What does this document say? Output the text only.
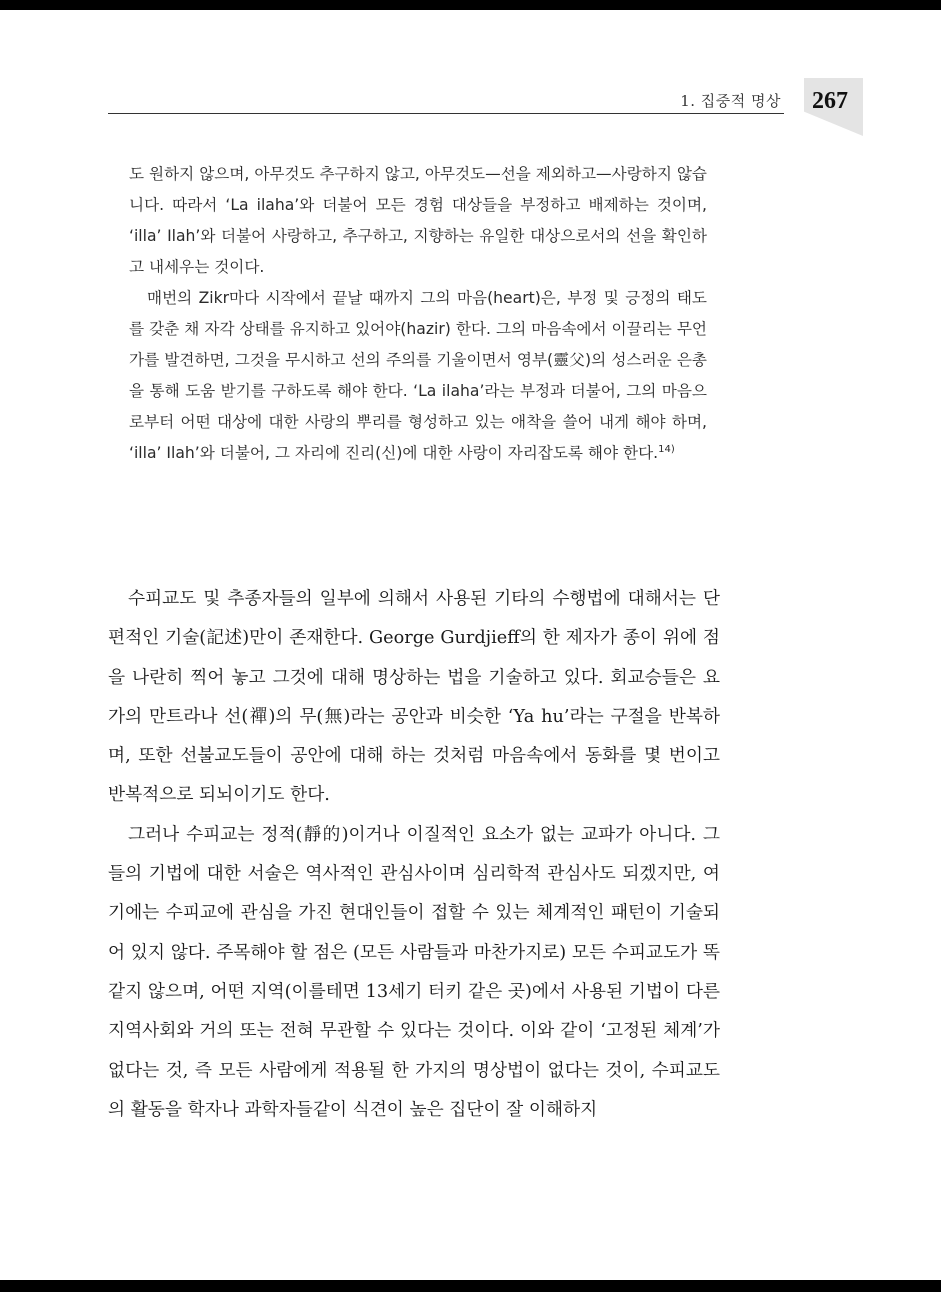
1. 집중적 명상 267

도 원하지 않으며, 아무것도 추구하지 않고, 아무것도—선을 제외하고—사랑하지 않습니다. 따라서 ‘La ilaha’와 더불어 모든 경험 대상들을 부정하고 배제하는 것이며, ‘illa’ Ilah’와 더불어 사랑하고, 추구하고, 지향하는 유일한 대상으로서의 선을 확인하고 내세우는 것이다.

매번의 Zikr마다 시작에서 끝날 때까지 그의 마음(heart)은, 부정 및 긍정의 태도를 갖춘 채 자각 상태를 유지하고 있어야(hazir) 한다. 그의 마음속에서 이끌리는 무언가를 발견하면, 그것을 무시하고 선의 주의를 기울이면서 영부(靈父)의 성스러운 은총을 통해 도움 받기를 구하도록 해야 한다. ‘La ilaha’라는 부정과 더불어, 그의 마음으로부터 어떤 대상에 대한 사랑의 뿌리를 형성하고 있는 애착을 쓸어 내게 해야 하며, ‘illa’ Ilah’와 더불어, 그 자리에 진리(신)에 대한 사랑이 자리잡도록 해야 한다.$^{14)}$

수피교도 및 추종자들의 일부에 의해서 사용된 기타의 수행법에 대해서는 단편적인 기술(記述)만이 존재한다. George Gurdjieff의 한 제자가 종이 위에 점을 나란히 찍어 놓고 그것에 대해 명상하는 법을 기술하고 있다. 회교승들은 요가의 만트라나 선(禪)의 무(無)라는 공안과 비슷한 ‘Ya hu’라는 구절을 반복하며, 또한 선불교도들이 공안에 대해 하는 것처럼 마음속에서 동화를 몇 번이고 반복적으로 되뇌이기도 한다.

그러나 수피교는 정적(靜的)이거나 이질적인 요소가 없는 교파가 아니다. 그들의 기법에 대한 서술은 역사적인 관심사이며 심리학적 관심사도 되겠지만, 여기에는 수피교에 관심을 가진 현대인들이 접할 수 있는 체계적인 패턴이 기술되어 있지 않다. 주목해야 할 점은 (모든 사람들과 마찬가지로) 모든 수피교도가 똑같지 않으며, 어떤 지역(이를테면 13세기 터키 같은 곳)에서 사용된 기법이 다른 지역사회와 거의 또는 전혀 무관할 수 있다는 것이다. 이와 같이 ‘고정된 체계’가 없다는 것, 즉 모든 사람에게 적용될 한 가지의 명상법이 없다는 것이, 수피교도의 활동을 학자나 과학자들같이 식견이 높은 집단이 잘 이해하지
